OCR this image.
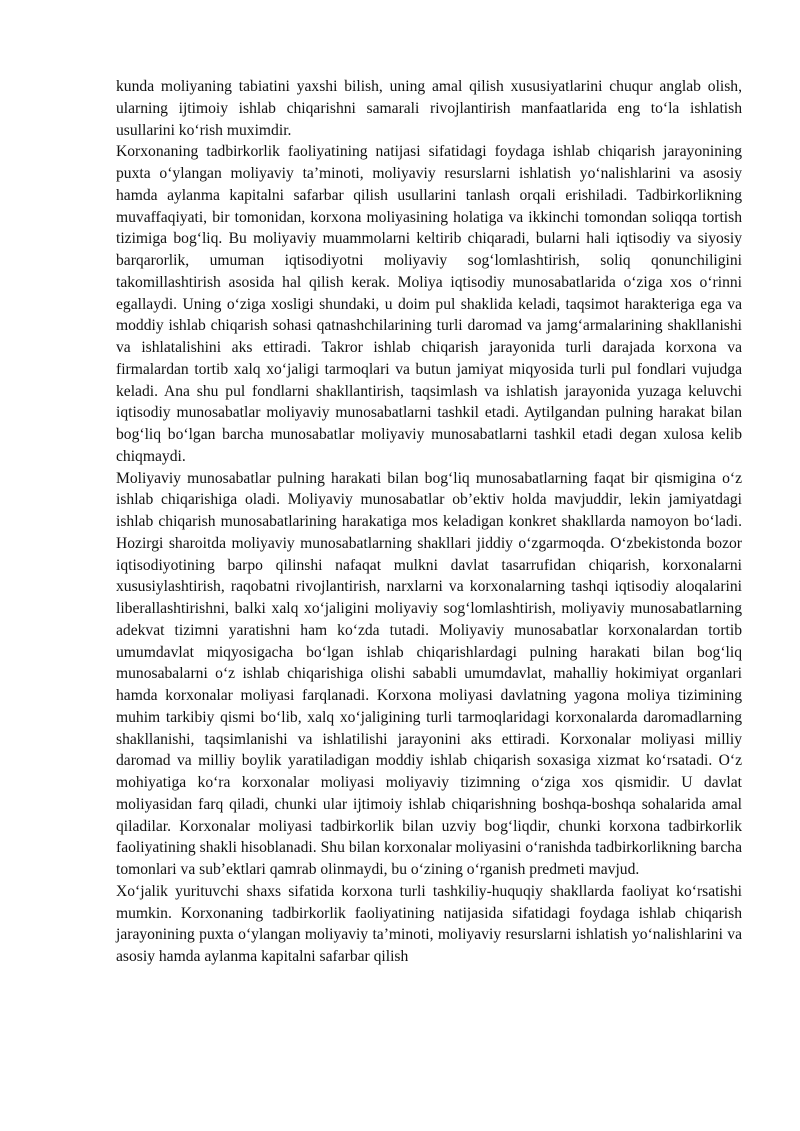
kunda moliyaning tabiatini yaxshi bilish, uning amal qilish xususiyatlarini chuqur anglab olish, ularning ijtimoiy ishlab chiqarishni samarali rivojlantirish manfaatlarida eng to‘la ishlatish usullarini ko‘rish muximdir.

Korxonaning tadbirkorlik faoliyatining natijasi sifatidagi foydaga ishlab chiqarish jarayonining puxta o‘ylangan moliyaviy ta’minoti, moliyaviy resurslarni ishlatish yo‘nalishlarini va asosiy hamda aylanma kapitalni safarbar qilish usullarini tanlash orqali erishiladi. Tadbirkorlikning muvaffaqiyati, bir tomonidan, korxona moliyasining holatiga va ikkinchi tomondan soliqqa tortish tizimiga bog‘liq. Bu moliyaviy muammolarni keltirib chiqaradi, bularni hali iqtisodiy va siyosiy barqarorlik, umuman iqtisodiyotni moliyaviy sog‘lomlashtirish, soliq qonunchiligini takomillashtirish asosida hal qilish kerak. Moliya iqtisodiy munosabatlarida o‘ziga xos o‘rinni egallaydi. Uning o‘ziga xosligi shundaki, u doim pul shaklida keladi, taqsimot harakteriga ega va moddiy ishlab chiqarish sohasi qatnashchilarining turli daromad va jamg‘armalarining shakllanishi va ishlatalishini aks ettiradi. Takror ishlab chiqarish jarayonida turli darajada korxona va firmalardan tortib xalq xo‘jaligi tarmoqlari va butun jamiyat miqyosida turli pul fondlari vujudga keladi. Ana shu pul fondlarni shakllantirish, taqsimlash va ishlatish jarayonida yuzaga keluvchi iqtisodiy munosabatlar moliyaviy munosabatlarni tashkil etadi. Aytilgandan pulning harakat bilan bog‘liq bo‘lgan barcha munosabatlar moliyaviy munosabatlarni tashkil etadi degan xulosa kelib chiqmaydi.

Moliyaviy munosabatlar pulning harakati bilan bog‘liq munosabatlarning faqat bir qismigina o‘z ishlab chiqarishiga oladi. Moliyaviy munosabatlar ob’ektiv holda mavjuddir, lekin jamiyatdagi ishlab chiqarish munosabatlarining harakatiga mos keladigan konkret shakllarda namoyon bo‘ladi. Hozirgi sharoitda moliyaviy munosabatlarning shakllari jiddiy o‘zgarmoqda. O‘zbekistonda bozor iqtisodiyotining barpo qilinshi nafaqat mulkni davlat tasarrufidan chiqarish, korxonalarni xususiylashtirish, raqobatni rivojlantirish, narxlarni va korxonalarning tashqi iqtisodiy aloqalarini liberallashtirishni, balki xalq xo‘jaligini moliyaviy sog‘lomlashtirish, moliyaviy munosabatlarning adekvat tizimni yaratishni ham ko‘zda tutadi. Moliyaviy munosabatlar korxonalardan tortib umumdavlat miqyosigacha bo‘lgan ishlab chiqarishlardagi pulning harakati bilan bog‘liq munosabalarni o‘z ishlab chiqarishiga olishi sababli umumdavlat, mahalliy hokimiyat organlari hamda korxonalar moliyasi farqlanadi. Korxona moliyasi davlatning yagona moliya tizimining muhim tarkibiy qismi bo‘lib, xalq xo‘jaligining turli tarmoqlaridagi korxonalarda daromadlarning shakllanishi, taqsimlanishi va ishlatilishi jarayonini aks ettiradi. Korxonalar moliyasi milliy daromad va milliy boylik yaratiladigan moddiy ishlab chiqarish soxasiga xizmat ko‘rsatadi. O‘z mohiyatiga ko‘ra korxonalar moliyasi moliyaviy tizimning o‘ziga xos qismidir. U davlat moliyasidan farq qiladi, chunki ular ijtimoiy ishlab chiqarishning boshqa-boshqa sohalarida amal qiladilar. Korxonalar moliyasi tadbirkorlik bilan uzviy bog‘liqdir, chunki korxona tadbirkorlik faoliyatining shakli hisoblanadi. Shu bilan korxonalar moliyasini o‘ranishda tadbirkorlikning barcha tomonlari va sub’ektlari qamrab olinmaydi, bu o‘zining o‘rganish predmeti mavjud.

Xo‘jalik yurituvchi shaxs sifatida korxona turli tashkiliy-huquqiy shakllarda faoliyat ko‘rsatishi mumkin. Korxonaning tadbirkorlik faoliyatining natijasida sifatidagi foydaga ishlab chiqarish jarayonining puxta o‘ylangan moliyaviy ta’minoti, moliyaviy resurslarni ishlatish yo‘nalishlarini va asosiy hamda aylanma kapitalni safarbar qilish
